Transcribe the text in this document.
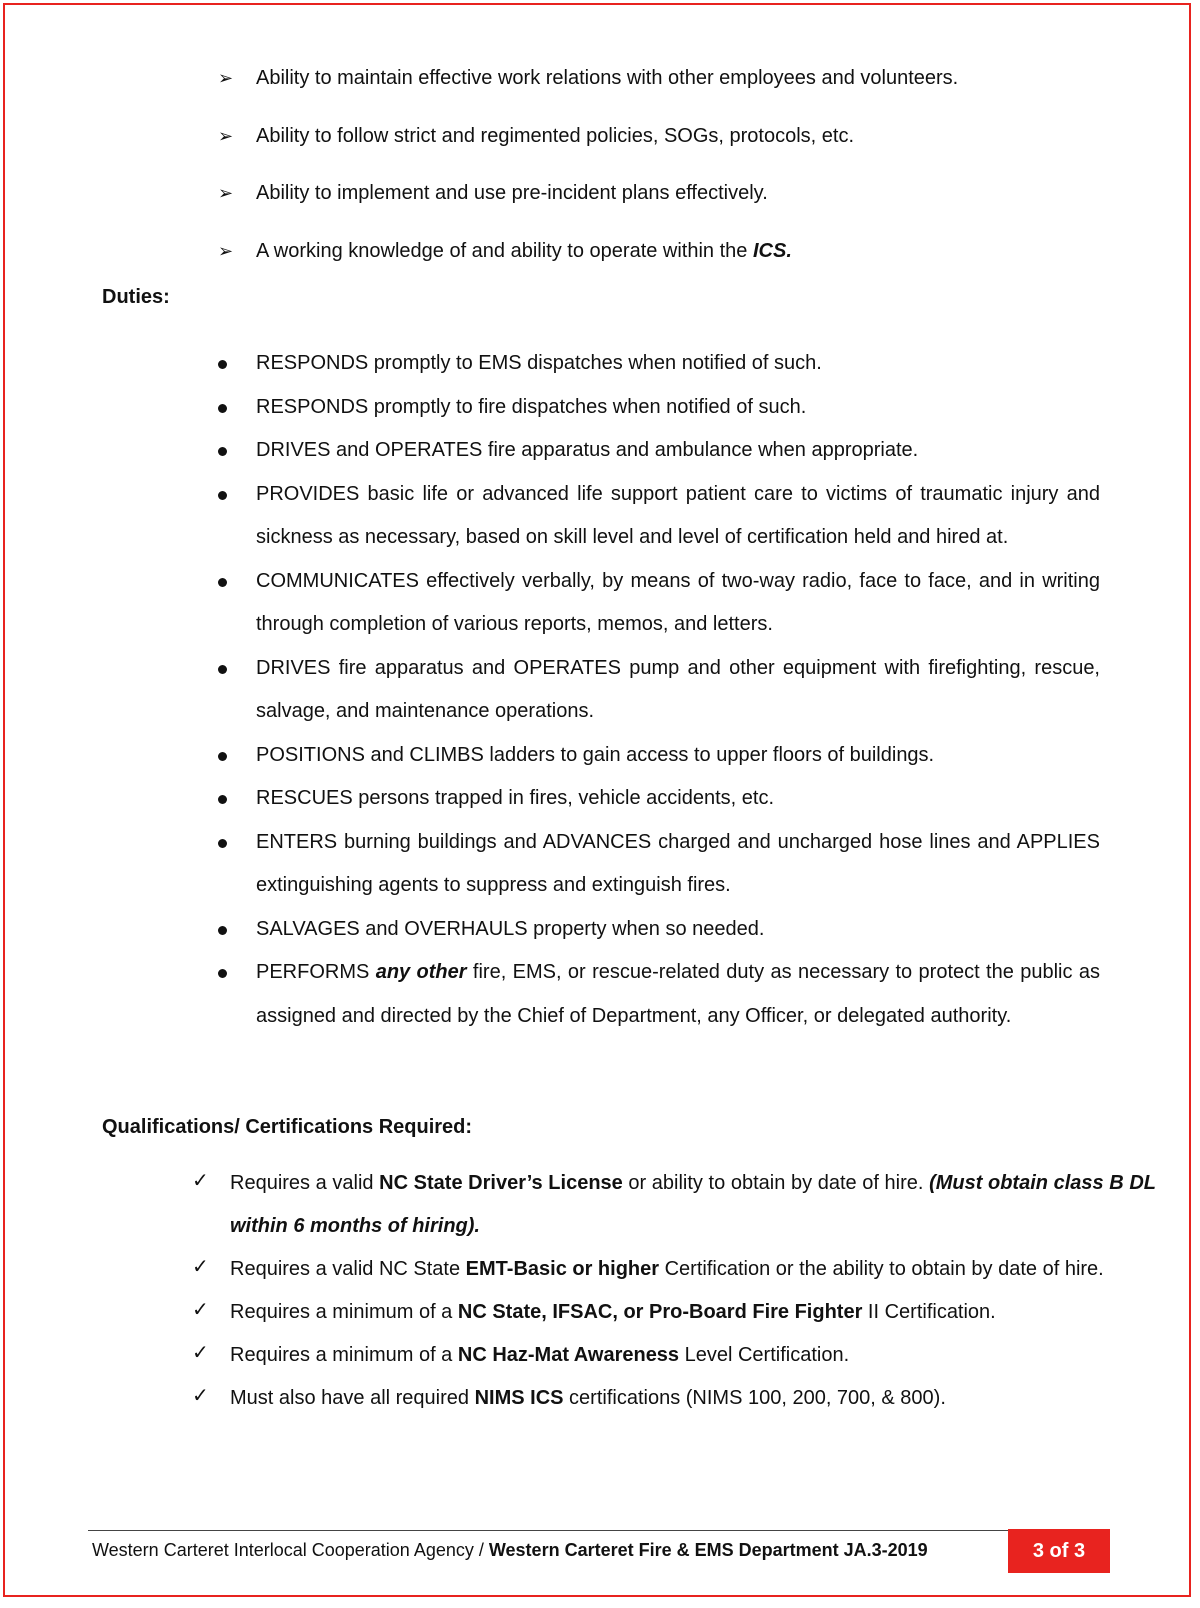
➢	Ability to maintain effective work relations with other employees and volunteers.
➢	Ability to follow strict and regimented policies, SOGs, protocols, etc.
➢	Ability to implement and use pre-incident plans effectively.
➢	A working knowledge of and ability to operate within the ICS.
Duties:
RESPONDS promptly to EMS dispatches when notified of such.
RESPONDS promptly to fire dispatches when notified of such.
DRIVES and OPERATES fire apparatus and ambulance when appropriate.
PROVIDES basic life or advanced life support patient care to victims of traumatic injury and sickness as necessary, based on skill level and level of certification held and hired at.
COMMUNICATES effectively verbally, by means of two-way radio, face to face, and in writing through completion of various reports, memos, and letters.
DRIVES fire apparatus and OPERATES pump and other equipment with firefighting, rescue, salvage, and maintenance operations.
POSITIONS and CLIMBS ladders to gain access to upper floors of buildings.
RESCUES persons trapped in fires, vehicle accidents, etc.
ENTERS burning buildings and ADVANCES charged and uncharged hose lines and APPLIES extinguishing agents to suppress and extinguish fires.
SALVAGES and OVERHAULS property when so needed.
PERFORMS any other fire, EMS, or rescue-related duty as necessary to protect the public as assigned and directed by the Chief of Department, any Officer, or delegated authority.
Qualifications/ Certifications Required:
✓ Requires a valid NC State Driver’s License or ability to obtain by date of hire. (Must obtain class B DL within 6 months of hiring).
✓ Requires a valid NC State EMT-Basic or higher Certification or the ability to obtain by date of hire.
✓ Requires a minimum of a NC State, IFSAC, or Pro-Board Fire Fighter II Certification.
✓ Requires a minimum of a NC Haz-Mat Awareness Level Certification.
✓ Must also have all required NIMS ICS certifications (NIMS 100, 200, 700, & 800).
Western Carteret Interlocal Cooperation Agency / Western Carteret Fire & EMS Department JA.3-2019	3 of 3
